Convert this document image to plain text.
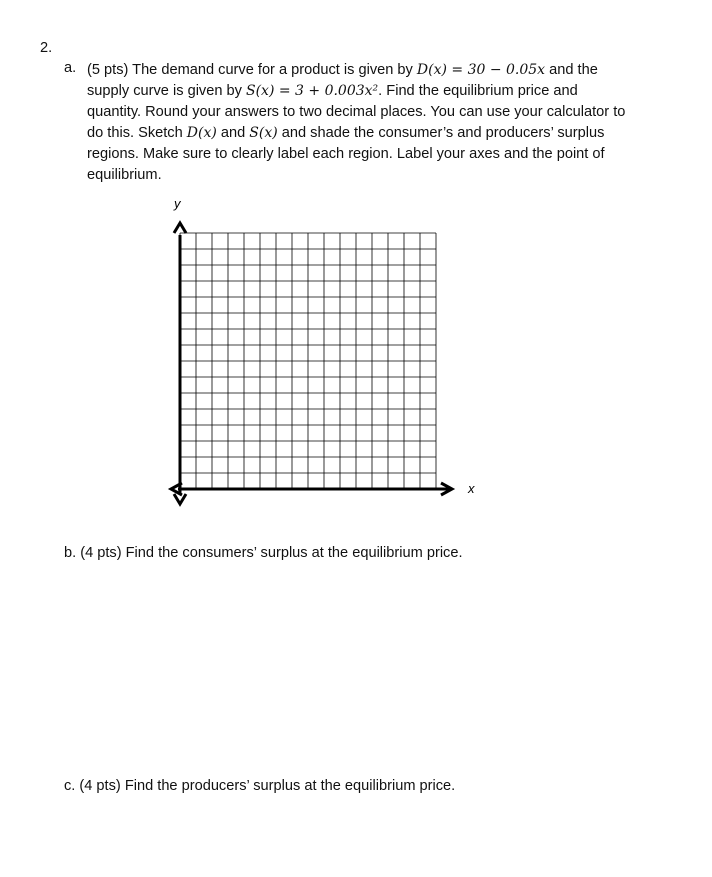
2.
a. (5 pts) The demand curve for a product is given by D(x) = 30 − 0.05x and the
supply curve is given by S(x) = 3 + 0.003x². Find the equilibrium price and
quantity. Round your answers to two decimal places. You can use your calculator to
do this. Sketch D(x) and S(x) and shade the consumer’s and producers’ surplus
regions. Make sure to clearly label each region. Label your axes and the point of
equilibrium.
y
x
b. (4 pts) Find the consumers’ surplus at the equilibrium price.
c. (4 pts) Find the producers’ surplus at the equilibrium price.
